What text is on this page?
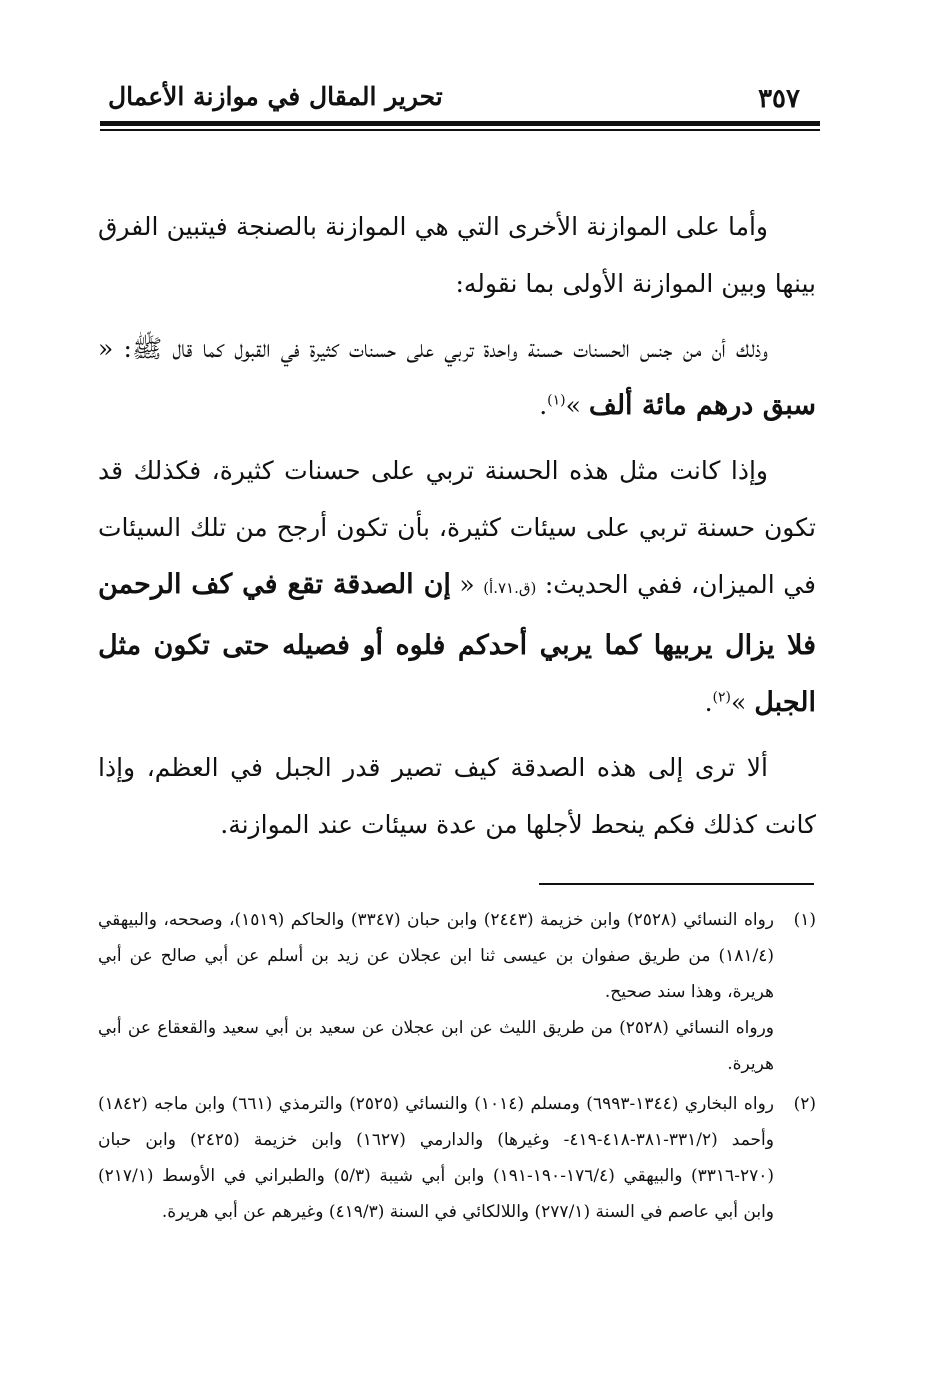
تحرير المقال في موازنة الأعمال	٣٥٧

وأما على الموازنة الأخرى التي هي الموازنة بالصنجة فيتبين الفرق بينها وبين الموازنة الأولى بما نقوله:

وذلك أن من جنس الحسنات حسنة واحدة تربي على حسنات كثيرة في القبول كما قال ﷺ: « سبق درهم مائة ألف »$^{(١)}$.

وإذا كانت مثل هذه الحسنة تربي على حسنات كثيرة، فكذلك قد تكون حسنة تربي على سيئات كثيرة، بأن تكون أرجح من تلك السيئات في الميزان، ففي الحديث: (ق.٧١.أ) « إن الصدقة تقع في كف الرحمن فلا يزال يربيها كما يربي أحدكم فلوه أو فصيله حتى تكون مثل الجبل »$^{(٢)}$.

ألا ترى إلى هذه الصدقة كيف تصير قدر الجبل في العظم، وإذا كانت كذلك فكم ينحط لأجلها من عدة سيئات عند الموازنة.

(١)

رواه النسائي (٢٥٢٨) وابن خزيمة (٢٤٤٣) وابن حبان (٣٣٤٧) والحاكم (١٥١٩)، وصححه، والبيهقي (١٨١/٤) من طريق صفوان بن عيسى ثنا ابن عجلان عن زيد بن أسلم عن أبي صالح عن أبي هريرة، وهذا سند صحيح.

ورواه النسائي (٢٥٢٨) من طريق الليث عن ابن عجلان عن سعيد بن أبي سعيد والقعقاع عن أبي هريرة.

(٢)

رواه البخاري (١٣٤٤-٦٩٩٣) ومسلم (١٠١٤) والنسائي (٢٥٢٥) والترمذي (٦٦١) وابن ماجه (١٨٤٢) وأحمد (٣٣١/٢-٣٨١-٤١٨-٤١٩- وغيرها) والدارمي (١٦٢٧) وابن خزيمة (٢٤٢٥) وابن حبان (٢٧٠-٣٣١٦) والبيهقي (١٧٦/٤-١٩٠-١٩١) وابن أبي شيبة (٥/٣) والطبراني في الأوسط (٢١٧/١) وابن أبي عاصم في السنة (٢٧٧/١) واللالكائي في السنة (٤١٩/٣) وغيرهم عن أبي هريرة.
